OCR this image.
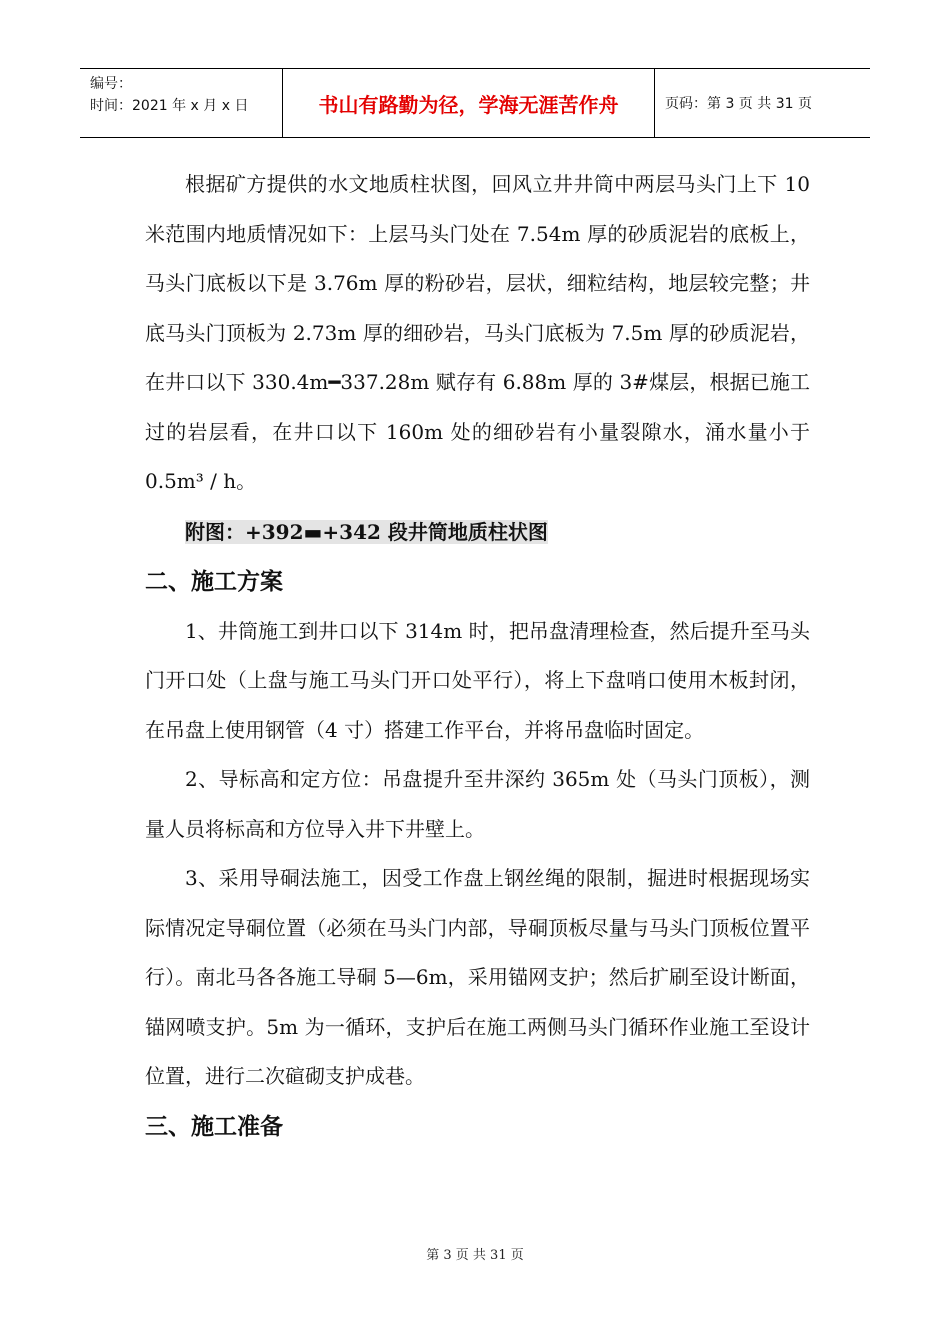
编号：
时间：2021 年 x 月 x 日	书山有路勤为径，学海无涯苦作舟	页码：第 3 页 共 31 页

根据矿方提供的水文地质柱状图，回风立井井筒中两层马头门上下 10 米范围内地质情况如下：上层马头门处在 7.54m 厚的砂质泥岩的底板上，马头门底板以下是 3.76m 厚的粉砂岩，层状，细粒结构，地层较完整；井底马头门顶板为 2.73m 厚的细砂岩，马头门底板为 7.5m 厚的砂质泥岩，在井口以下 330.4m━337.28m 赋存有 6.88m 厚的 3#煤层，根据已施工过的岩层看，在井口以下 160m 处的细砂岩有小量裂隙水，涌水量小于 0.5m³ / h。

附图：+392▬+342 段井筒地质柱状图

二、施工方案

1、井筒施工到井口以下 314m 时，把吊盘清理检查，然后提升至马头门开口处（上盘与施工马头门开口处平行），将上下盘哨口使用木板封闭，在吊盘上使用钢管（4 寸）搭建工作平台，并将吊盘临时固定。

2、导标高和定方位：吊盘提升至井深约 365m 处（马头门顶板），测量人员将标高和方位导入井下井壁上。

3、采用导硐法施工，因受工作盘上钢丝绳的限制，掘进时根据现场实际情况定导硐位置（必须在马头门内部，导硐顶板尽量与马头门顶板位置平行）。南北马各各施工导硐 5—6m，采用锚网支护；然后扩刷至设计断面，锚网喷支护。5m 为一循环，支护后在施工两侧马头门循环作业施工至设计位置，进行二次碹砌支护成巷。

三、施工准备
第 3 页 共 31 页
